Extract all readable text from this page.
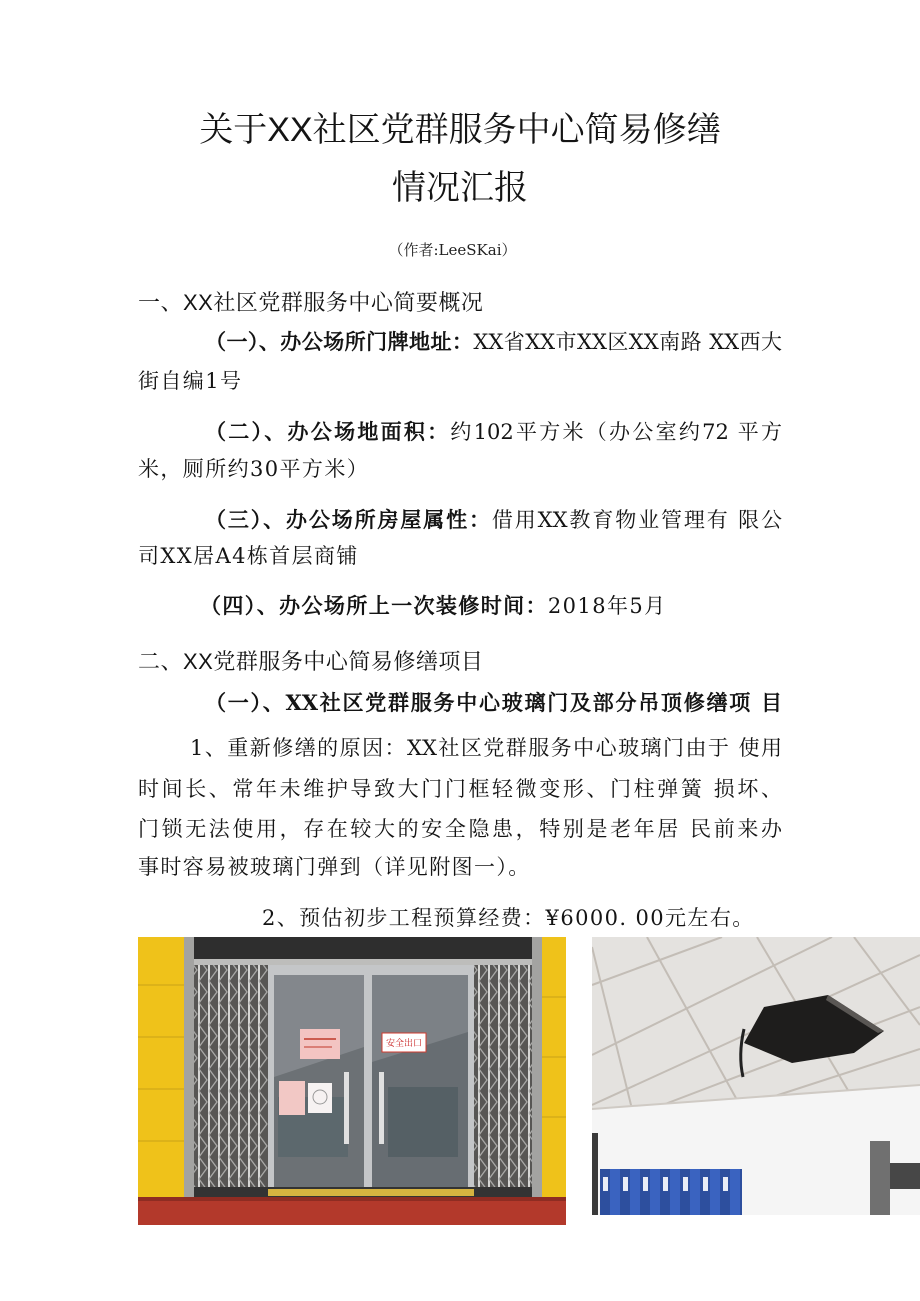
关于XX社区党群服务中心简易修缮
情况汇报
（作者:LeeSKai）
一、XX社区党群服务中心简要概况
（一）、办公场所门牌地址：XX省XX市XX区XX南路 XX西大
街自编1号
（二）、办公场地面积：约102平方米（办公室约72 平方
米，厕所约30平方米）
（三）、办公场所房屋属性：借用XX教育物业管理有 限公
司XX居A4栋首层商铺
（四）、办公场所上一次装修时间：2018年5月
二、XX党群服务中心简易修缮项目
（一）、XX社区党群服务中心玻璃门及部分吊顶修缮项 目
1、重新修缮的原因：XX社区党群服务中心玻璃门由于 使用
时间长、常年未维护导致大门门框轻微变形、门柱弹簧 损坏、
门锁无法使用，存在较大的安全隐患，特别是老年居 民前来办
事时容易被玻璃门弹到（详见附图一）。
2、预估初步工程预算经费：¥6000. 00元左右。
安全出口
